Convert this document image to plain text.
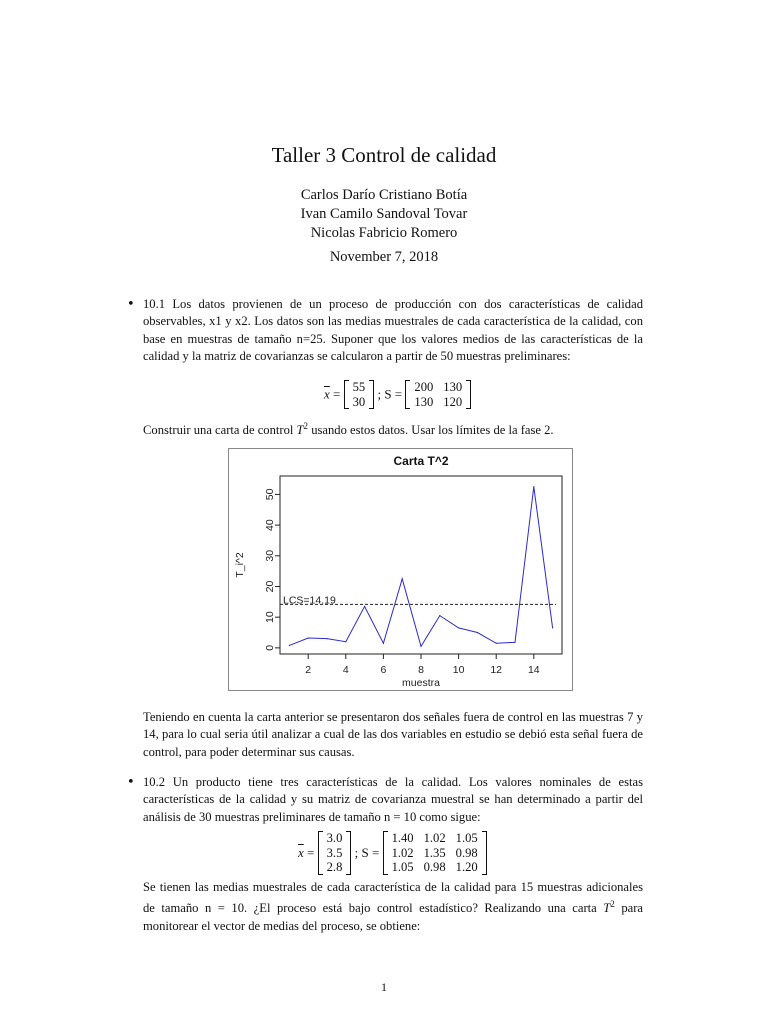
Taller 3 Control de calidad
Carlos Darío Cristiano Botía
Ivan Camilo Sandoval Tovar
Nicolas Fabricio Romero
November 7, 2018
• 10.1 Los datos provienen de un proceso de producción con dos características de calidad observables, x1 y x2. Los datos son las medias muestrales de cada característica de la calidad, con base en muestras de tamaño n=25. Suponer que los valores medios de las características de la calidad y la matriz de covarianzas se calcularon a partir de 50 muestras preliminares:
$\overline{x} = 55$
30 ; S = 200	130
130	120
Construir una carta de control $T^2$ usando estos datos. Usar los límites de la fase 2.
Carta T^2
2	4	6	8	10 12 14
0
10
20
30
40
50
muestra
T_i^2
LCS=14.19
Teniendo en cuenta la carta anterior se presentaron dos señales fuera de control en las muestras 7 y 14, para lo cual seria útil analizar a cual de las dos variables en estudio se debió esta señal fuera de control, para poder determinar sus causas.
• 10.2 Un producto tiene tres características de la calidad. Los valores nominales de estas características de la calidad y su matriz de covarianza muestral se han determinado a partir del análisis de 30 muestras preliminares de tamaño n = 10 como sigue:
$\overline{x}$ =
3.0
3.5
2.8
; S =
1.40	1.02	1.05
1.02	1.35	0.98
1.05	0.98	1.20
Se tienen las medias muestrales de cada característica de la calidad para 15 muestras adicionales de tamaño n = 10. ¿El proceso está bajo control estadístico? Realizando una carta $T^2$ para monitorear el vector de medias del proceso, se obtiene:
1
